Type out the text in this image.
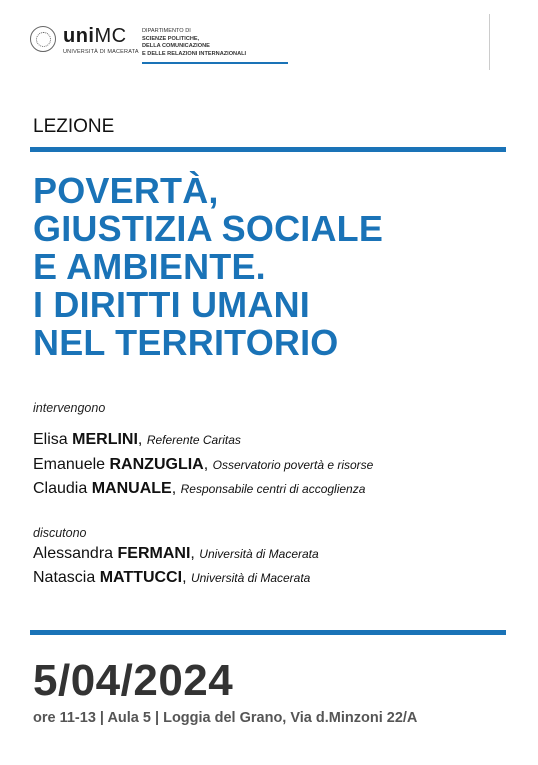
uniMC
UNIVERSITÀ DI MACERATA
DIPARTIMENTO DI
SCIENZE POLITICHE,
DELLA COMUNICAZIONE
E DELLE RELAZIONI INTERNAZIONALI
LEZIONE
POVERTÀ,
GIUSTIZIA SOCIALE
E AMBIENTE.
I DIRITTI UMANI
NEL TERRITORIO
intervengono
Elisa MERLINI, Referente Caritas
Emanuele RANZUGLIA, Osservatorio povertà e risorse
Claudia MANUALE, Responsabile centri di accoglienza
discutono
Alessandra FERMANI, Università di Macerata
Natascia MATTUCCI, Università di Macerata
5/04/2024
ore 11-13 | Aula 5 | Loggia del Grano, Via d.Minzoni 22/A
